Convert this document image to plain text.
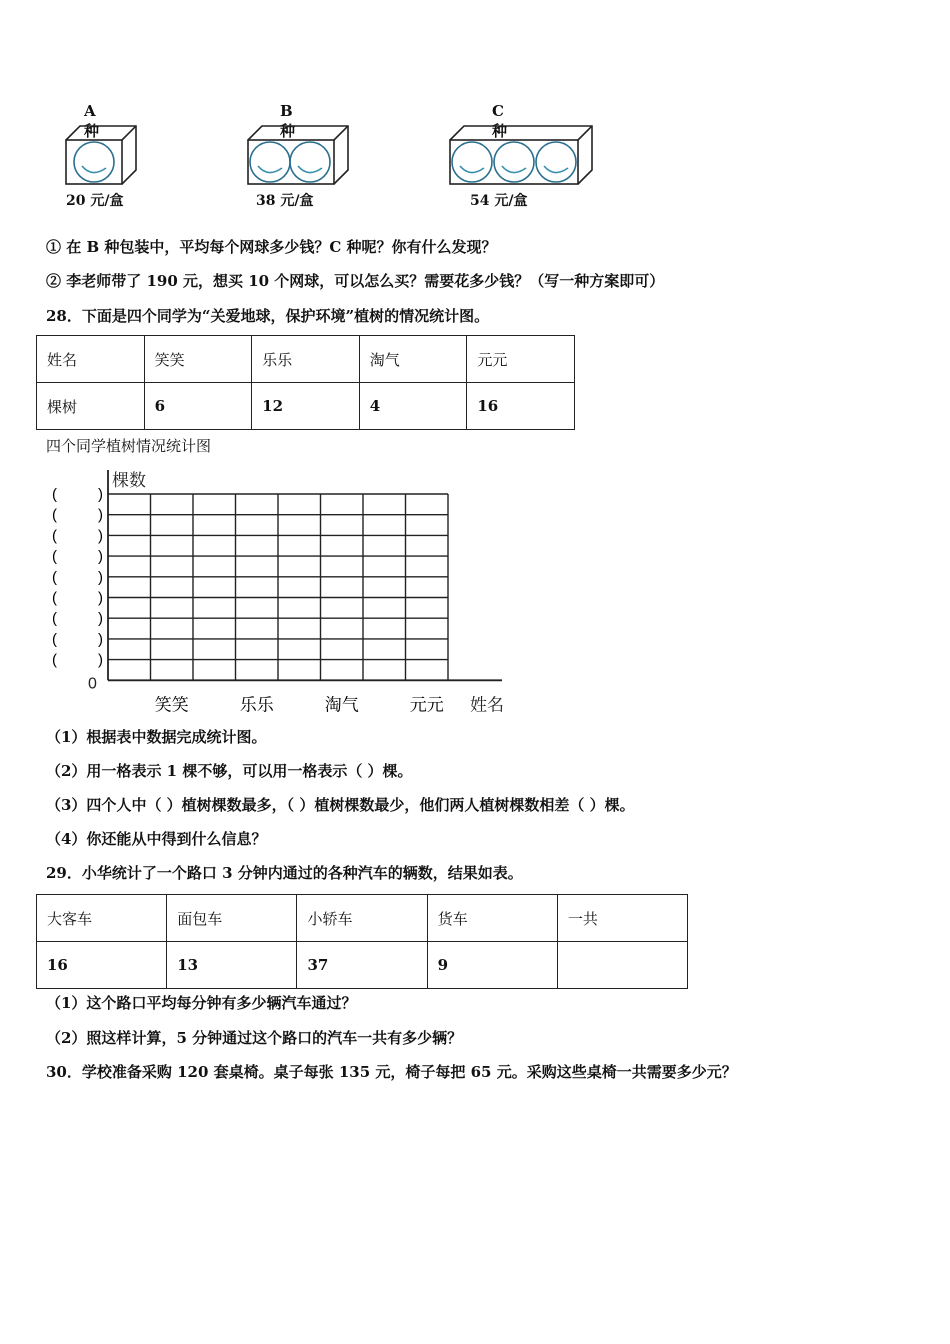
A种
20 元/盒
B种
38 元/盒
C种
54 元/盒
① 在 B 种包装中，平均每个网球多少钱？C 种呢？你有什么发现？
② 李老师带了 190 元，想买 10 个网球，可以怎么买？需要花多少钱？（写一种方案即可）
28．下面是四个同学为“关爱地球，保护环境”植树的情况统计图。
姓名	笑笑	乐乐	淘气	元元
棵树	6	12	4	16
四个同学植树情况统计图
(	)
(	)
(	)
(	)
(	)
(	)
(	)
(	)
(	)
笑笑	乐乐	淘气	元元
棵数
姓名
0
（1）根据表中数据完成统计图。
（2）用一格表示 1 棵不够，可以用一格表示（ ）棵。
（3）四个人中（ ）植树棵数最多，（ ）植树棵数最少，他们两人植树棵数相差（ ）棵。
（4）你还能从中得到什么信息？
29．小华统计了一个路口 3 分钟内通过的各种汽车的辆数，结果如表。
大客车	面包车	小轿车	货车	一共
16	13	37	9	
（1）这个路口平均每分钟有多少辆汽车通过？
（2）照这样计算，5 分钟通过这个路口的汽车一共有多少辆？
30．学校准备采购 120 套桌椅。桌子每张 135 元，椅子每把 65 元。采购这些桌椅一共需要多少元？
